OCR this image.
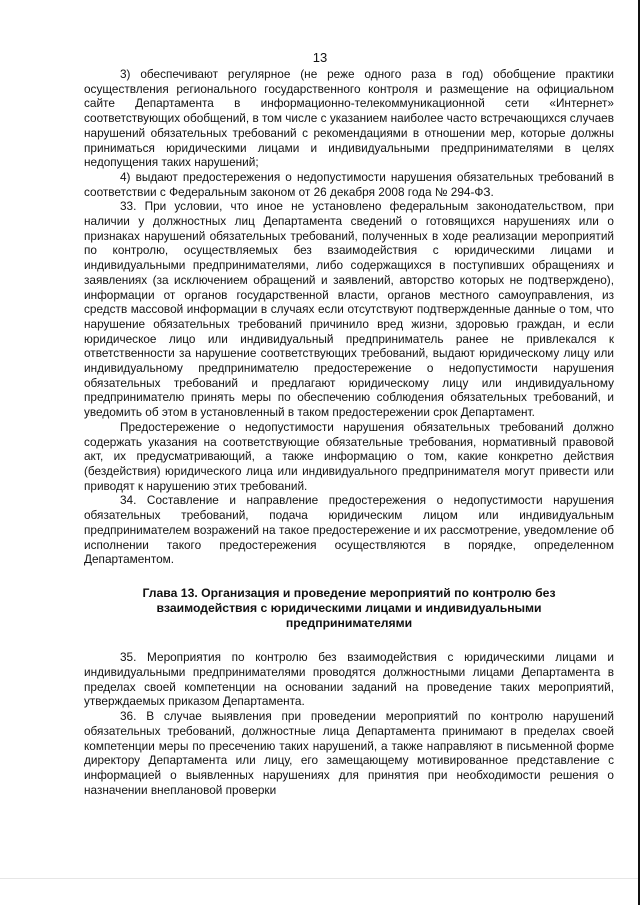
13

3) обеспечивают регулярное (не реже одного раза в год) обобщение практики осуществления регионального государственного контроля и размещение на официальном сайте Департамента в информационно-телекоммуникационной сети «Интернет» соответствующих обобщений, в том числе с указанием наиболее часто встречающихся случаев нарушений обязательных требований с рекомендациями в отношении мер, которые должны приниматься юридическими лицами и индивидуальными предпринимателями в целях недопущения таких нарушений;

4) выдают предостережения о недопустимости нарушения обязательных требований в соответствии с Федеральным законом от 26 декабря 2008 года № 294-ФЗ.

33. При условии, что иное не установлено федеральным законодательством, при наличии у должностных лиц Департамента сведений о готовящихся нарушениях или о признаках нарушений обязательных требований, полученных в ходе реализации мероприятий по контролю, осуществляемых без взаимодействия с юридическими лицами и индивидуальными предпринимателями, либо содержащихся в поступивших обращениях и заявлениях (за исключением обращений и заявлений, авторство которых не подтверждено), информации от органов государственной власти, органов местного самоуправления, из средств массовой информации в случаях если отсутствуют подтвержденные данные о том, что нарушение обязательных требований причинило вред жизни, здоровью граждан, и если юридическое лицо или индивидуальный предприниматель ранее не привлекался к ответственности за нарушение соответствующих требований, выдают юридическому лицу или индивидуальному предпринимателю предостережение о недопустимости нарушения обязательных требований и предлагают юридическому лицу или индивидуальному предпринимателю принять меры по обеспечению соблюдения обязательных требований, и уведомить об этом в установленный в таком предостережении срок Департамент.

Предостережение о недопустимости нарушения обязательных требований должно содержать указания на соответствующие обязательные требования, нормативный правовой акт, их предусматривающий, а также информацию о том, какие конкретно действия (бездействия) юридического лица или индивидуального предпринимателя могут привести или приводят к нарушению этих требований.

34. Составление и направление предостережения о недопустимости нарушения обязательных требований, подача юридическим лицом или индивидуальным предпринимателем возражений на такое предостережение и их рассмотрение, уведомление об исполнении такого предостережения осуществляются в порядке, определенном Департаментом.

Глава 13. Организация и проведение мероприятий по контролю без взаимодействия с юридическими лицами и индивидуальными предпринимателями

35. Мероприятия по контролю без взаимодействия с юридическими лицами и индивидуальными предпринимателями проводятся должностными лицами Департамента в пределах своей компетенции на основании заданий на проведение таких мероприятий, утверждаемых приказом Департамента.

36. В случае выявления при проведении мероприятий по контролю нарушений обязательных требований, должностные лица Департамента принимают в пределах своей компетенции меры по пресечению таких нарушений, а также направляют в письменной форме директору Департамента или лицу, его замещающему мотивированное представление с информацией о выявленных нарушениях для принятия при необходимости решения о назначении внеплановой проверки
